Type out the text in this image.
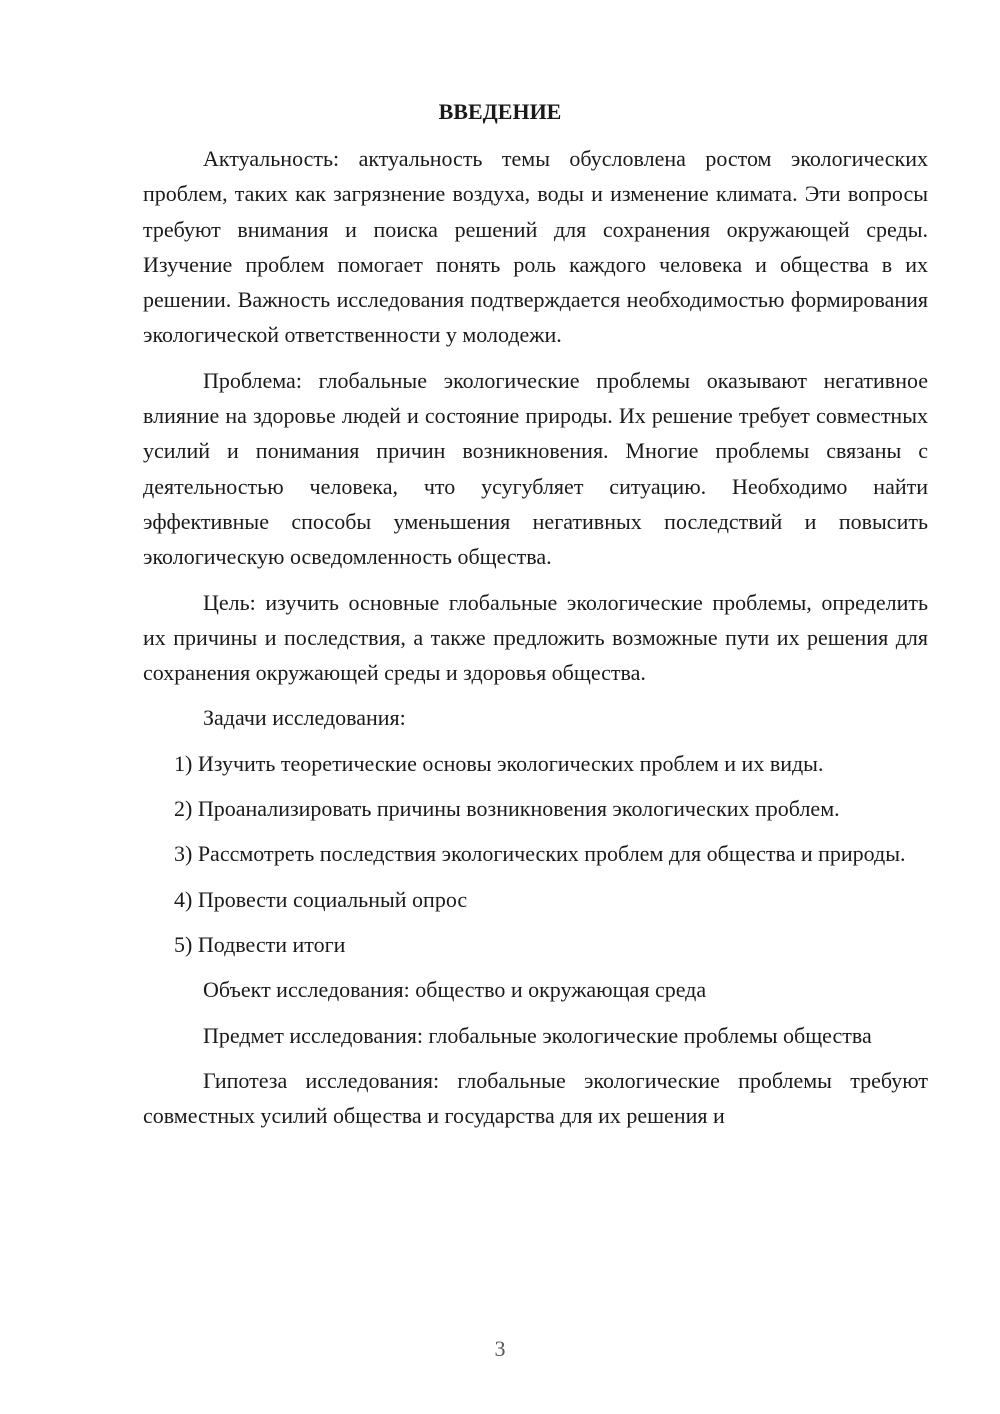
ВВЕДЕНИЕ

Актуальность: актуальность темы обусловлена ростом экологических проблем, таких как загрязнение воздуха, воды и изменение климата. Эти вопросы требуют внимания и поиска решений для сохранения окружающей среды. Изучение проблем помогает понять роль каждого человека и общества в их решении. Важность исследования подтверждается необходимостью формирования экологической ответственности у молодежи.

Проблема: глобальные экологические проблемы оказывают негативное влияние на здоровье людей и состояние природы. Их решение требует совместных усилий и понимания причин возникновения. Многие проблемы связаны с деятельностью человека, что усугубляет ситуацию. Необходимо найти эффективные способы уменьшения негативных последствий и повысить экологическую осведомленность общества.

Цель: изучить основные глобальные экологические проблемы, определить их причины и последствия, а также предложить возможные пути их решения для сохранения окружающей среды и здоровья общества.

Задачи исследования:

1) Изучить теоретические основы экологических проблем и их виды.

2) Проанализировать причины возникновения экологических проблем.

3) Рассмотреть последствия экологических проблем для общества и природы.

4) Провести социальный опрос

5) Подвести итоги

Объект исследования: общество и окружающая среда

Предмет исследования: глобальные экологические проблемы общества

Гипотеза исследования: глобальные экологические проблемы требуют совместных усилий общества и государства для их решения и

3
